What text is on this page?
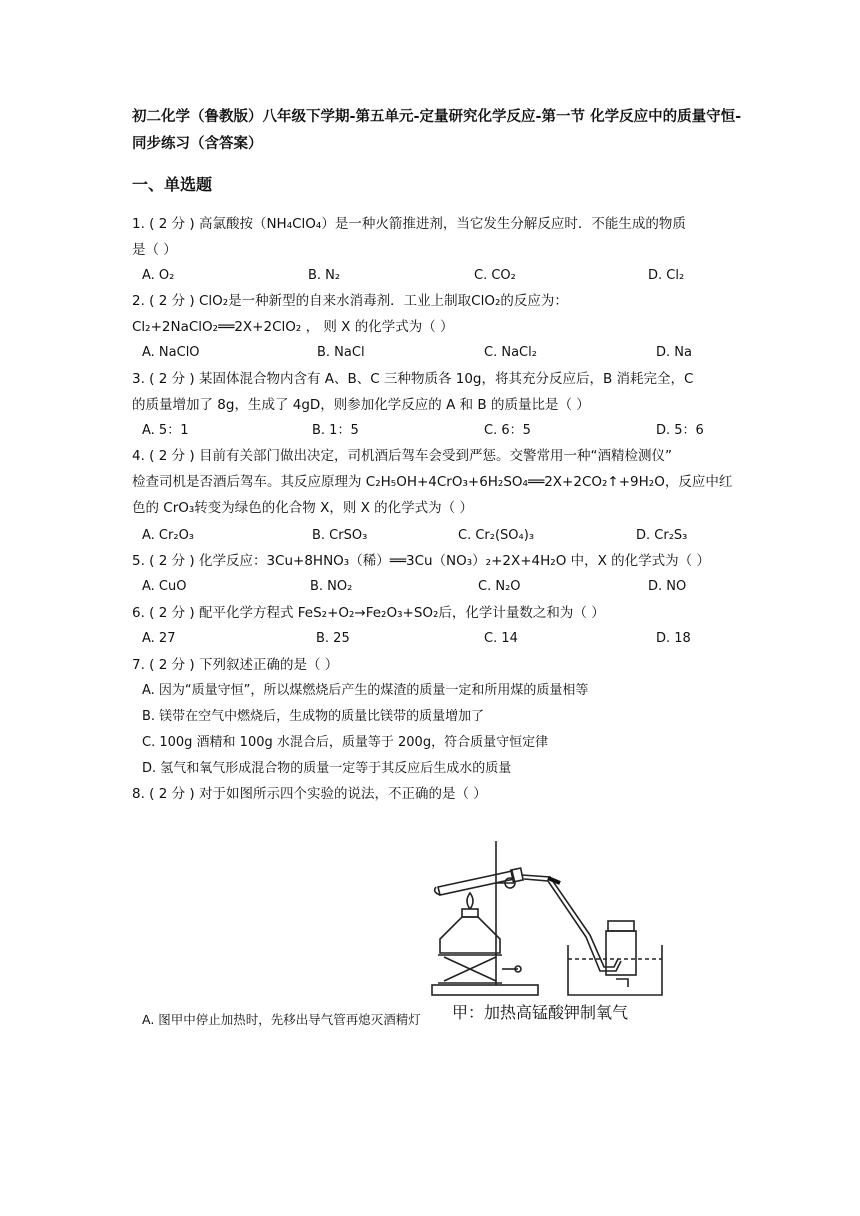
初二化学（鲁教版）八年级下学期-第五单元-定量研究化学反应-第一节 化学反应中的质量守恒-同步练习（含答案）
一、单选题
1. ( 2 分 ) 高氯酸按（NH₄ClO₄）是一种火箭推进剂，当它发生分解反应时．不能生成的物质
是（ ）
A. O₂	B. N₂	C. CO₂	D. Cl₂
2. ( 2 分 ) ClO₂是一种新型的自来水消毒剂．工业上制取ClO₂的反应为：
Cl₂+2NaClO₂══2X+2ClO₂ ， 则 X 的化学式为（ ）
A. NaClO	B. NaCl	C. NaCl₂	D. Na
3. ( 2 分 ) 某固体混合物内含有 A、B、C 三种物质各 10g，将其充分反应后，B 消耗完全，C
的质量增加了 8g，生成了 4gD，则参加化学反应的 A 和 B 的质量比是（ ）
A. 5：1	B. 1：5	C. 6：5	D. 5：6
4. ( 2 分 ) 目前有关部门做出决定，司机酒后驾车会受到严惩。交警常用一种“酒精检测仪”
检查司机是否酒后驾车。其反应原理为 C₂H₅OH+4CrO₃+6H₂SO₄══2X+2CO₂↑+9H₂O，反应中红
色的 CrO₃转变为绿色的化合物 X，则 X 的化学式为（ ）
A. Cr₂O₃	B. CrSO₃	C. Cr₂(SO₄)₃	D. Cr₂S₃
5. ( 2 分 ) 化学反应：3Cu+8HNO₃（稀）══3Cu（NO₃）₂+2X+4H₂O 中，X 的化学式为（ ）
A. CuO	B. NO₂	C. N₂O	D. NO
6. ( 2 分 ) 配平化学方程式 FeS₂+O₂→Fe₂O₃+SO₂后，化学计量数之和为（ ）
A. 27	B. 25	C. 14	D. 18
7. ( 2 分 ) 下列叙述正确的是（ ）
A. 因为“质量守恒”，所以煤燃烧后产生的煤渣的质量一定和所用煤的质量相等
B. 镁带在空气中燃烧后，生成物的质量比镁带的质量增加了
C. 100g 酒精和 100g 水混合后，质量等于 200g，符合质量守恒定律
D. 氢气和氧气形成混合物的质量一定等于其反应后生成水的质量
8. ( 2 分 ) 对于如图所示四个实验的说法，不正确的是（ ）
A. 图甲中停止加热时，先移出导气管再熄灭酒精灯 甲：加热高锰酸钾制氧气
